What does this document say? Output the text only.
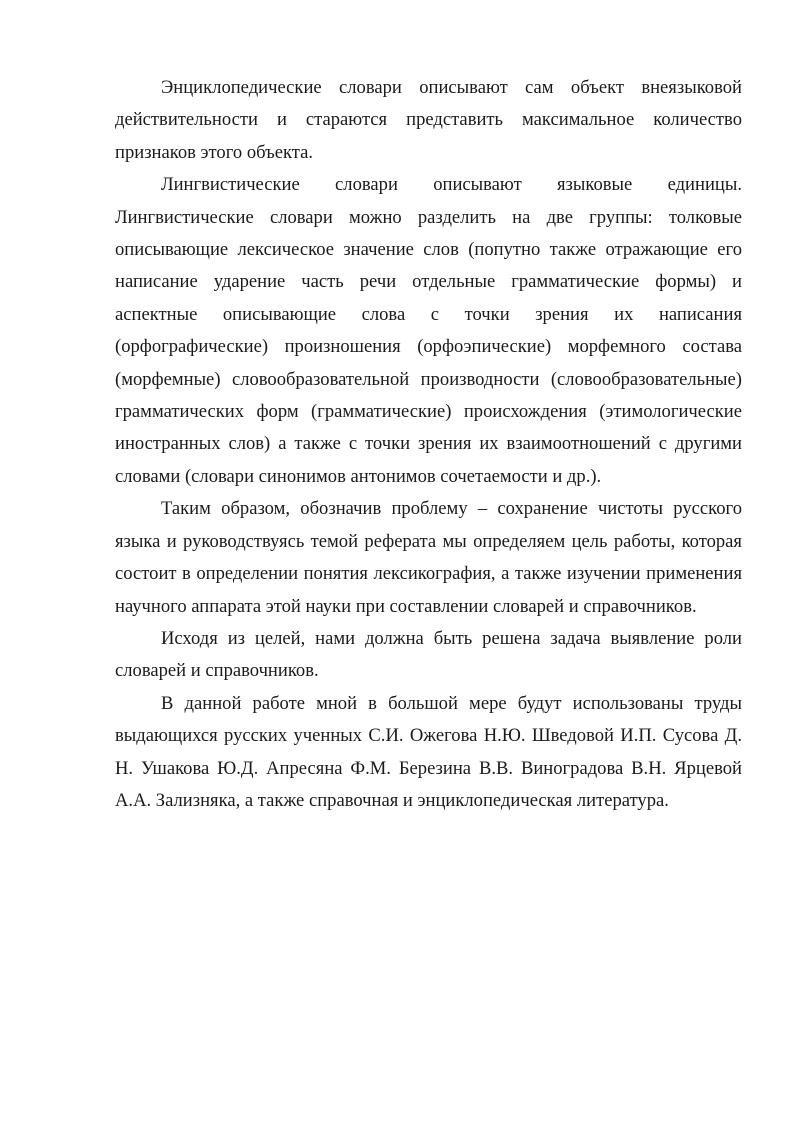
Энциклопедические словари описывают сам объект внеязыковой действительности и стараются представить максимальное количество признаков этого объекта.

Лингвистические словари описывают языковые единицы. Лингвистические словари можно разделить на две группы: толковые описывающие лексическое значение слов (попутно также отражающие его написание ударение часть речи отдельные грамматические формы) и аспектные описывающие слова с точки зрения их написания (орфографические) произношения (орфоэпические) морфемного состава (морфемные) словообразовательной производности (словообразовательные) грамматических форм (грамматические) происхождения (этимологические иностранных слов) а также с точки зрения их взаимоотношений с другими словами (словари синонимов антонимов сочетаемости и др.).

Таким образом, обозначив проблему – сохранение чистоты русского языка и руководствуясь темой реферата мы определяем цель работы, которая состоит в определении понятия лексикография, а также изучении применения научного аппарата этой науки при составлении словарей и справочников.

Исходя из целей, нами должна быть решена задача выявление роли словарей и справочников.

В данной работе мной в большой мере будут использованы труды выдающихся русских ученных С.И. Ожегова Н.Ю. Шведовой И.П. Сусова Д. Н. Ушакова Ю.Д. Апресяна Ф.М. Березина В.В. Виноградова В.Н. Ярцевой А.А. Зализняка, а также справочная и энциклопедическая литература.
